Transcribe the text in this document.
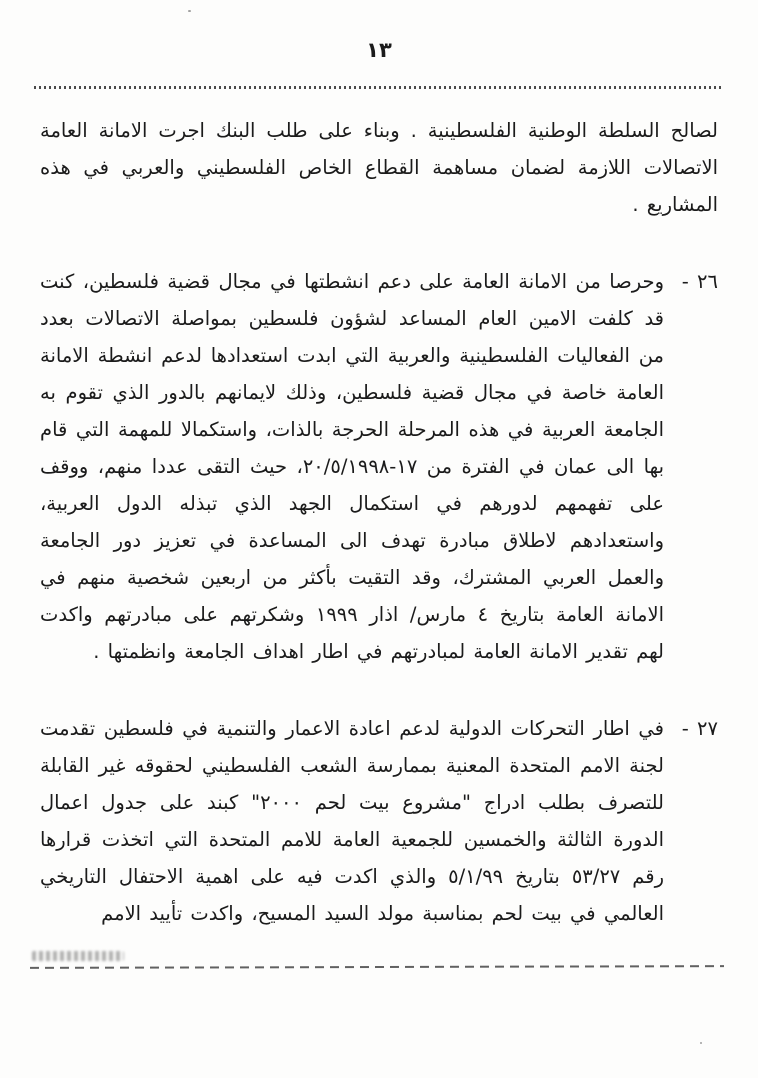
١٣

لصالح السلطة الوطنية الفلسطينية . وبناء على طلب البنك اجرت الامانة العامة الاتصالات اللازمة لضمان مساهمة القطاع الخاص الفلسطيني والعربي في هذه المشاريع .

٢٦ -
وحرصا من الامانة العامة على دعم انشطتها في مجال قضية فلسطين، كنت قد كلفت الامين العام المساعد لشؤون فلسطين بمواصلة الاتصالات بعدد من الفعاليات الفلسطينية والعربية التي ابدت استعدادها لدعم انشطة الامانة العامة خاصة في مجال قضية فلسطين، وذلك لايمانهم بالدور الذي تقوم به الجامعة العربية في هذه المرحلة الحرجة بالذات، واستكمالا للمهمة التي قام بها الى عمان في الفترة من ١٧-٢٠/٥/١٩٩٨، حيث التقى عددا منهم، ووقف على تفهمهم لدورهم في استكمال الجهد الذي تبذله الدول العربية، واستعدادهم لاطلاق مبادرة تهدف الى المساعدة في تعزيز دور الجامعة والعمل العربي المشترك، وقد التقيت بأكثر من اربعين شخصية منهم في الامانة العامة بتاريخ ٤ مارس/ اذار ١٩٩٩ وشكرتهم على مبادرتهم واكدت لهم تقدير الامانة العامة لمبادرتهم في اطار اهداف الجامعة وانظمتها .
٢٧ -
في اطار التحركات الدولية لدعم اعادة الاعمار والتنمية في فلسطين تقدمت لجنة الامم المتحدة المعنية بممارسة الشعب الفلسطيني لحقوقه غير القابلة للتصرف بطلب ادراج "مشروع بيت لحم ٢٠٠٠" كبند على جدول اعمال الدورة الثالثة والخمسين للجمعية العامة للامم المتحدة التي اتخذت قرارها رقم ٥٣/٢٧ بتاريخ ٥/١/٩٩ والذي اكدت فيه على اهمية الاحتفال التاريخي العالمي في بيت لحم بمناسبة مولد السيد المسيح، واكدت تأييد الامم
